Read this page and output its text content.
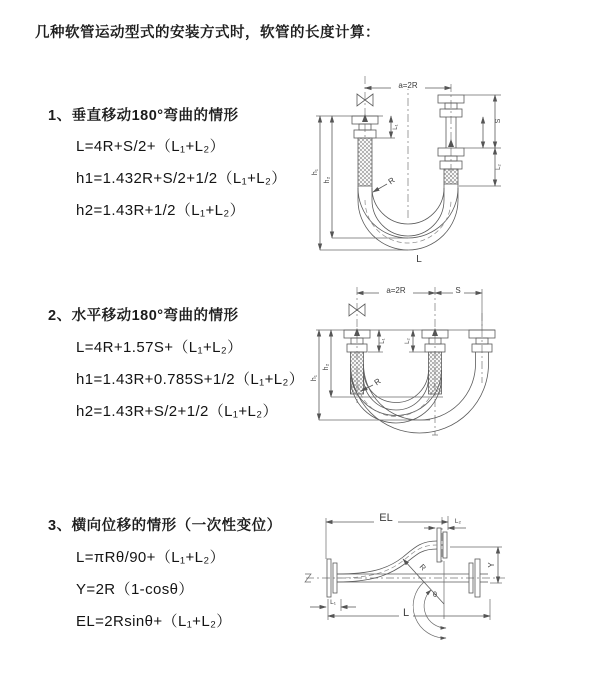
几种软管运动型式的安装方式时，软管的长度计算：
1、垂直移动180°弯曲的情形
L=4R+S/2+（L₁+L₂）
h1=1.432R+S/2+1/2（L₁+L₂）
h2=1.43R+1/2（L₁+L₂）
a=2R
h₁
h₂
L₁
S
L₂
R
L
2、水平移动180°弯曲的情形
L=4R+1.57S+（L₁+L₂）
h1=1.43R+0.785S+1/2（L₁+L₂）
h2=1.43R+S/2+1/2（L₁+L₂）
a=2R	S
h₁
h₂
L₁	L₂
R
3、横向位移的情形（一次性变位）
L=πRθ/90+（L₁+L₂）
Y=2R（1-cosθ）
EL=2Rsinθ+（L₁+L₂）
EL	L₂
R
θ
Y
L
L₁
